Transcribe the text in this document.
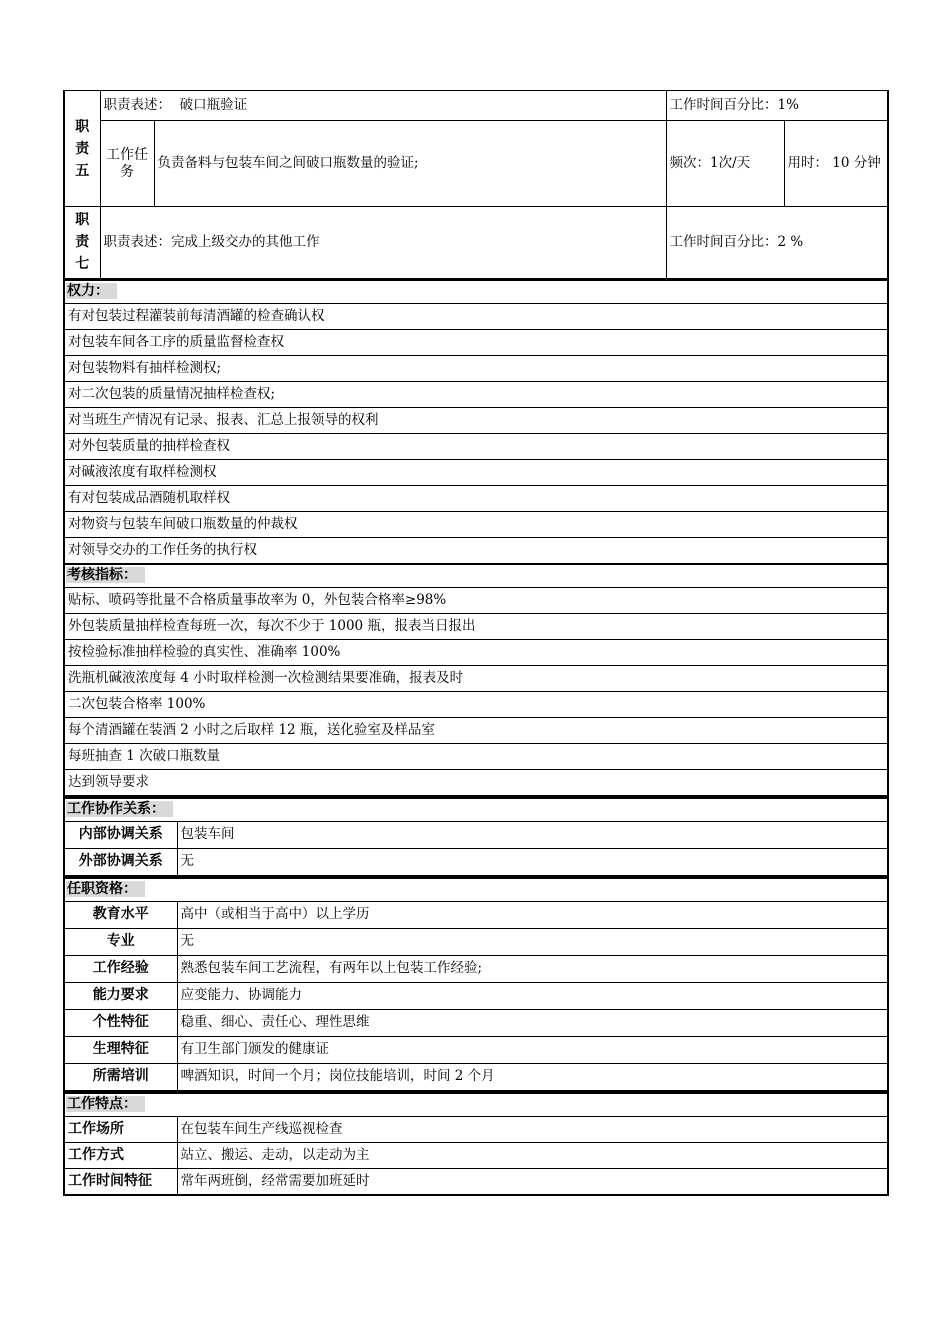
职
责
五	职责表述： 破口瓶验证		工作时间百分比：1%	
	工作任务	负责备料与包装车间之间破口瓶数量的验证;	频次：1次/天	用时： 10 分钟
职
责
七	职责表述：完成上级交办的其他工作		工作时间百分比：2 %	
权力：
有对包装过程灌装前每清酒罐的检查确认权
对包装车间各工序的质量监督检查权
对包装物料有抽样检测权;
对二次包装的质量情况抽样检查权;
对当班生产情况有记录、报表、汇总上报领导的权利
对外包装质量的抽样检查权
对碱液浓度有取样检测权
有对包装成品酒随机取样权
对物资与包装车间破口瓶数量的仲裁权
对领导交办的工作任务的执行权
考核指标：
贴标、喷码等批量不合格质量事故率为 0，外包装合格率≥98%
外包装质量抽样检查每班一次，每次不少于 1000 瓶，报表当日报出
按检验标准抽样检验的真实性、准确率 100%
洗瓶机碱液浓度每 4 小时取样检测一次检测结果要准确，报表及时
二次包装合格率 100%
每个清酒罐在装酒 2 小时之后取样 12 瓶，送化验室及样品室
每班抽查 1 次破口瓶数量
达到领导要求
工作协作关系：	
内部协调关系	包装车间
外部协调关系	无
任职资格：	
教育水平	高中（或相当于高中）以上学历
专业	无
工作经验	熟悉包装车间工艺流程，有两年以上包装工作经验;
能力要求	应变能力、协调能力
个性特征	稳重、细心、责任心、理性思维
生理特征	有卫生部门颁发的健康证
所需培训	啤酒知识，时间一个月；岗位技能培训，时间 2 个月
工作特点：	
工作场所	在包装车间生产线巡视检查
工作方式	站立、搬运、走动，以走动为主
工作时间特征	常年两班倒，经常需要加班延时
